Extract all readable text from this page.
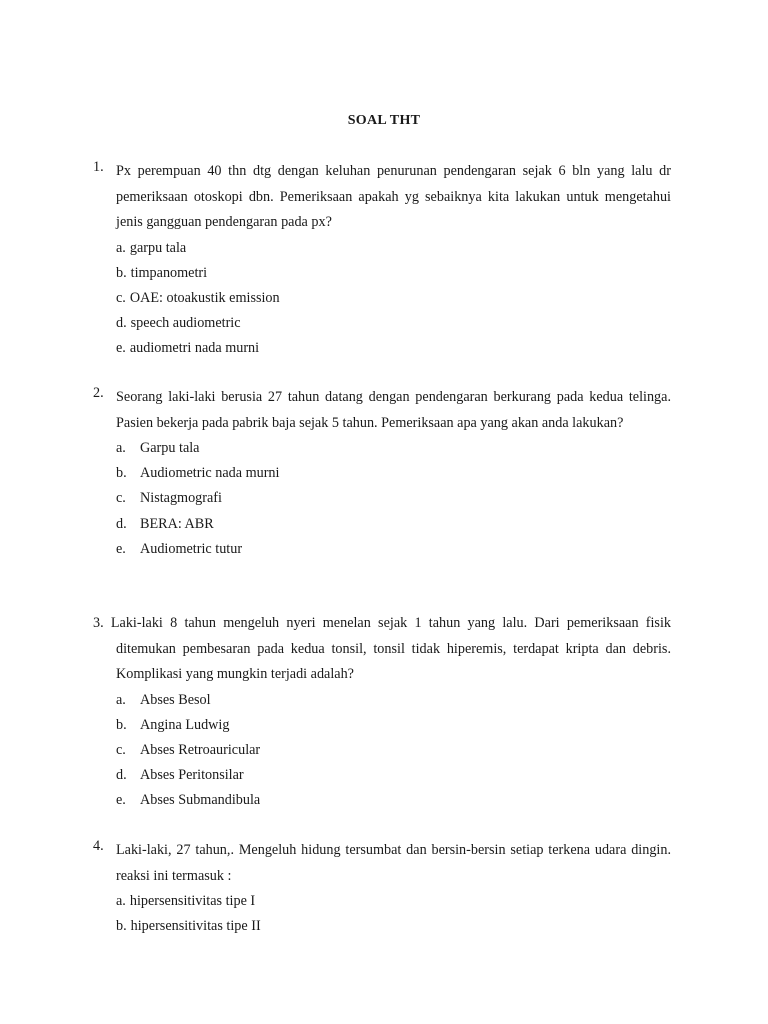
SOAL THT
1. Px perempuan 40 thn dtg dengan keluhan penurunan pendengaran sejak 6 bln yang lalu dr pemeriksaan otoskopi dbn. Pemeriksaan apakah yg sebaiknya kita lakukan untuk mengetahui jenis gangguan pendengaran pada px?
a. garpu tala
b. timpanometri
c. OAE: otoakustik emission
d. speech audiometric
e. audiometri nada murni
2. Seorang laki-laki berusia 27 tahun datang dengan pendengaran berkurang pada kedua telinga. Pasien bekerja pada pabrik baja sejak 5 tahun. Pemeriksaan apa yang akan anda lakukan?
a. Garpu tala
b. Audiometric nada murni
c. Nistagmografi
d. BERA: ABR
e. Audiometric tutur
3. Laki-laki 8 tahun mengeluh nyeri menelan sejak 1 tahun yang lalu. Dari pemeriksaan fisik ditemukan pembesaran pada kedua tonsil, tonsil tidak hiperemis, terdapat kripta dan debris. Komplikasi yang mungkin terjadi adalah?
a. Abses Besol
b. Angina Ludwig
c. Abses Retroauricular
d. Abses Peritonsilar
e. Abses Submandibula
4. Laki-laki, 27 tahun,. Mengeluh hidung tersumbat dan bersin-bersin setiap terkena udara dingin. reaksi ini termasuk :
a. hipersensitivitas tipe I
b. hipersensitivitas tipe II
